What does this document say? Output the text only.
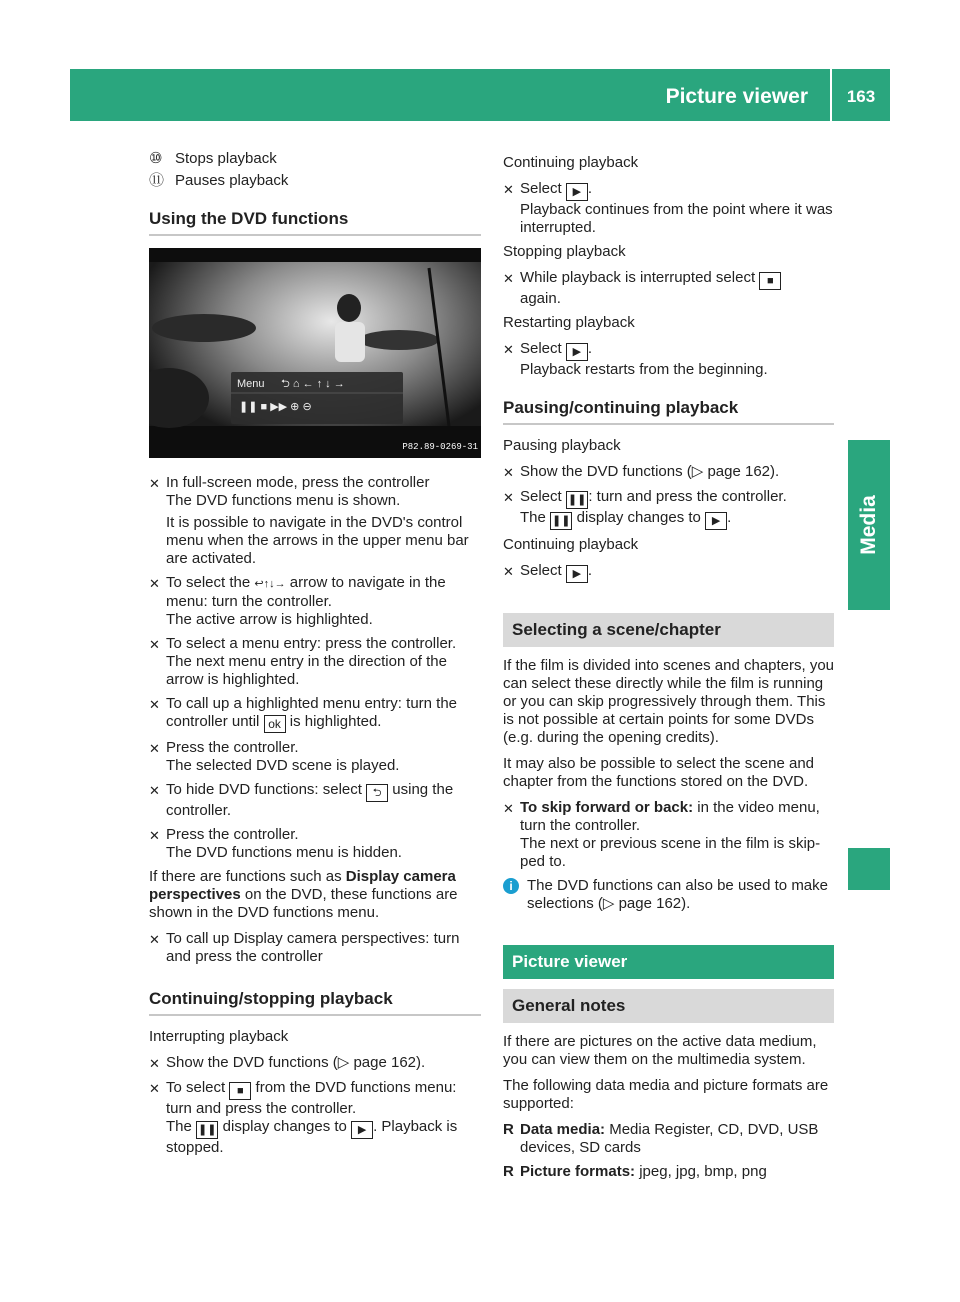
Picture viewer	163
Media
⑩ Stops playback
⑪ Pauses playback
Using the DVD functions
Menu ⮌ ⌂ ← ↑ ↓ →
❚❚ ■ ▶▶ ⊕ ⊖
P82.89-0269-31
✕ In full-screen mode, press the controller
The DVD functions menu is shown.
It is possible to navigate in the DVD's control menu when the arrows in the upper menu bar are activated.
✕ To select the ↩↑↓→ arrow to navigate in the menu: turn the controller.
The active arrow is highlighted.
✕ To select a menu entry: press the controller.
The next menu entry in the direction of the arrow is highlighted.
✕ To call up a highlighted menu entry: turn the controller until ok is highlighted.
✕ Press the controller.
The selected DVD scene is played.
✕ To hide DVD functions: select ⮌ using the controller.
✕ Press the controller.
The DVD functions menu is hidden.

If there are functions such as Display camera perspectives on the DVD, these functions are shown in the DVD functions menu.

✕ To call up Display camera perspectives: turn and press the controller
Continuing/stopping playback

Interrupting playback

✕ Show the DVD functions (▷ page 162).
✕ To select ■ from the DVD functions menu: turn and press the controller.
The ❚❚ display changes to ▶ . Playback is stopped.

Continuing playback

✕ Select ▶ .
Playback continues from the point where it was interrupted.

Stopping playback

✕ While playback is interrupted select ■
again.

Restarting playback

✕ Select ▶ .
Playback restarts from the beginning.
Pausing/continuing playback

Pausing playback

✕ Show the DVD functions (▷ page 162).
✕ Select ❚❚ : turn and press the controller.
The ❚❚ display changes to ▶ .

Continuing playback

✕ Select ▶ .
Selecting a scene/chapter

If the film is divided into scenes and chapters, you can select these directly while the film is running or you can skip progressively through them. This is not possible at certain points for some DVDs (e.g. during the opening credits).

It may also be possible to select the scene and chapter from the functions stored on the DVD.

✕ To skip forward or back: in the video menu, turn the controller.
The next or previous scene in the film is skip-ped to.
i The DVD functions can also be used to make selections (▷ page 162).
Picture viewer
General notes

If there are pictures on the active data medium, you can view them on the multimedia system.

The following data media and picture formats are supported:

R Data media: Media Register, CD, DVD, USB devices, SD cards
R Picture formats: jpeg, jpg, bmp, png
